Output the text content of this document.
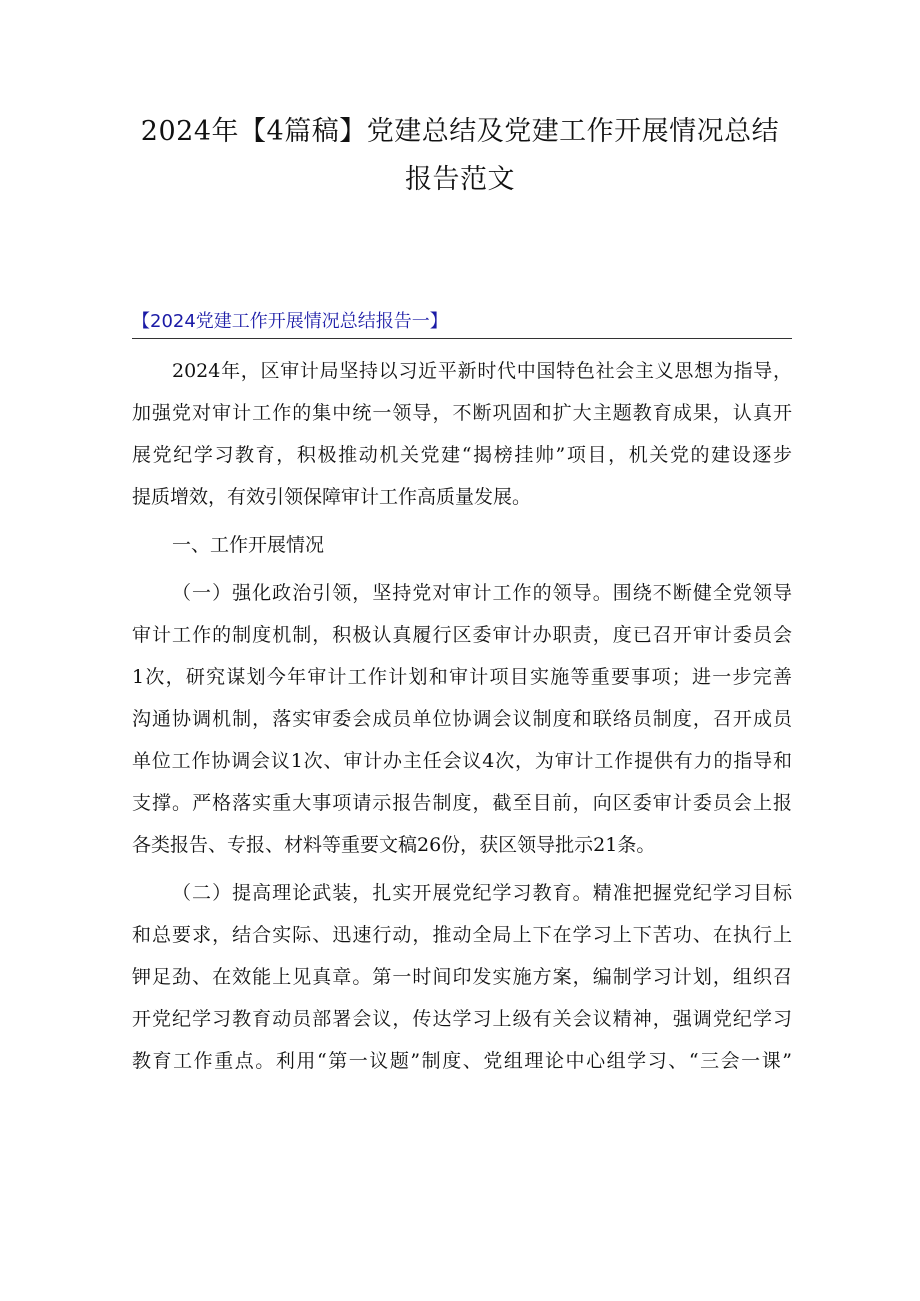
2024年【4篇稿】党建总结及党建工作开展情况总结
报告范文
【2024党建工作开展情况总结报告一】
2024年，区审计局坚持以习近平新时代中国特色社会主义思想为指导，
加强党对审计工作的集中统一领导，不断巩固和扩大主题教育成果，认真开
展党纪学习教育，积极推动机关党建“揭榜挂帅”项目，机关党的建设逐步
提质增效，有效引领保障审计工作高质量发展。
一、工作开展情况
（一）强化政治引领，坚持党对审计工作的领导。围绕不断健全党领导
审计工作的制度机制，积极认真履行区委审计办职责，度已召开审计委员会
1次，研究谋划今年审计工作计划和审计项目实施等重要事项；进一步完善
沟通协调机制，落实审委会成员单位协调会议制度和联络员制度，召开成员
单位工作协调会议1次、审计办主任会议4次，为审计工作提供有力的指导和
支撑。严格落实重大事项请示报告制度，截至目前，向区委审计委员会上报
各类报告、专报、材料等重要文稿26份，获区领导批示21条。
（二）提高理论武装，扎实开展党纪学习教育。精准把握党纪学习目标
和总要求，结合实际、迅速行动，推动全局上下在学习上下苦功、在执行上
钾足劲、在效能上见真章。第一时间印发实施方案，编制学习计划，组织召
开党纪学习教育动员部署会议，传达学习上级有关会议精神，强调党纪学习
教育工作重点。利用“第一议题”制度、党组理论中心组学习、“三会一课”
